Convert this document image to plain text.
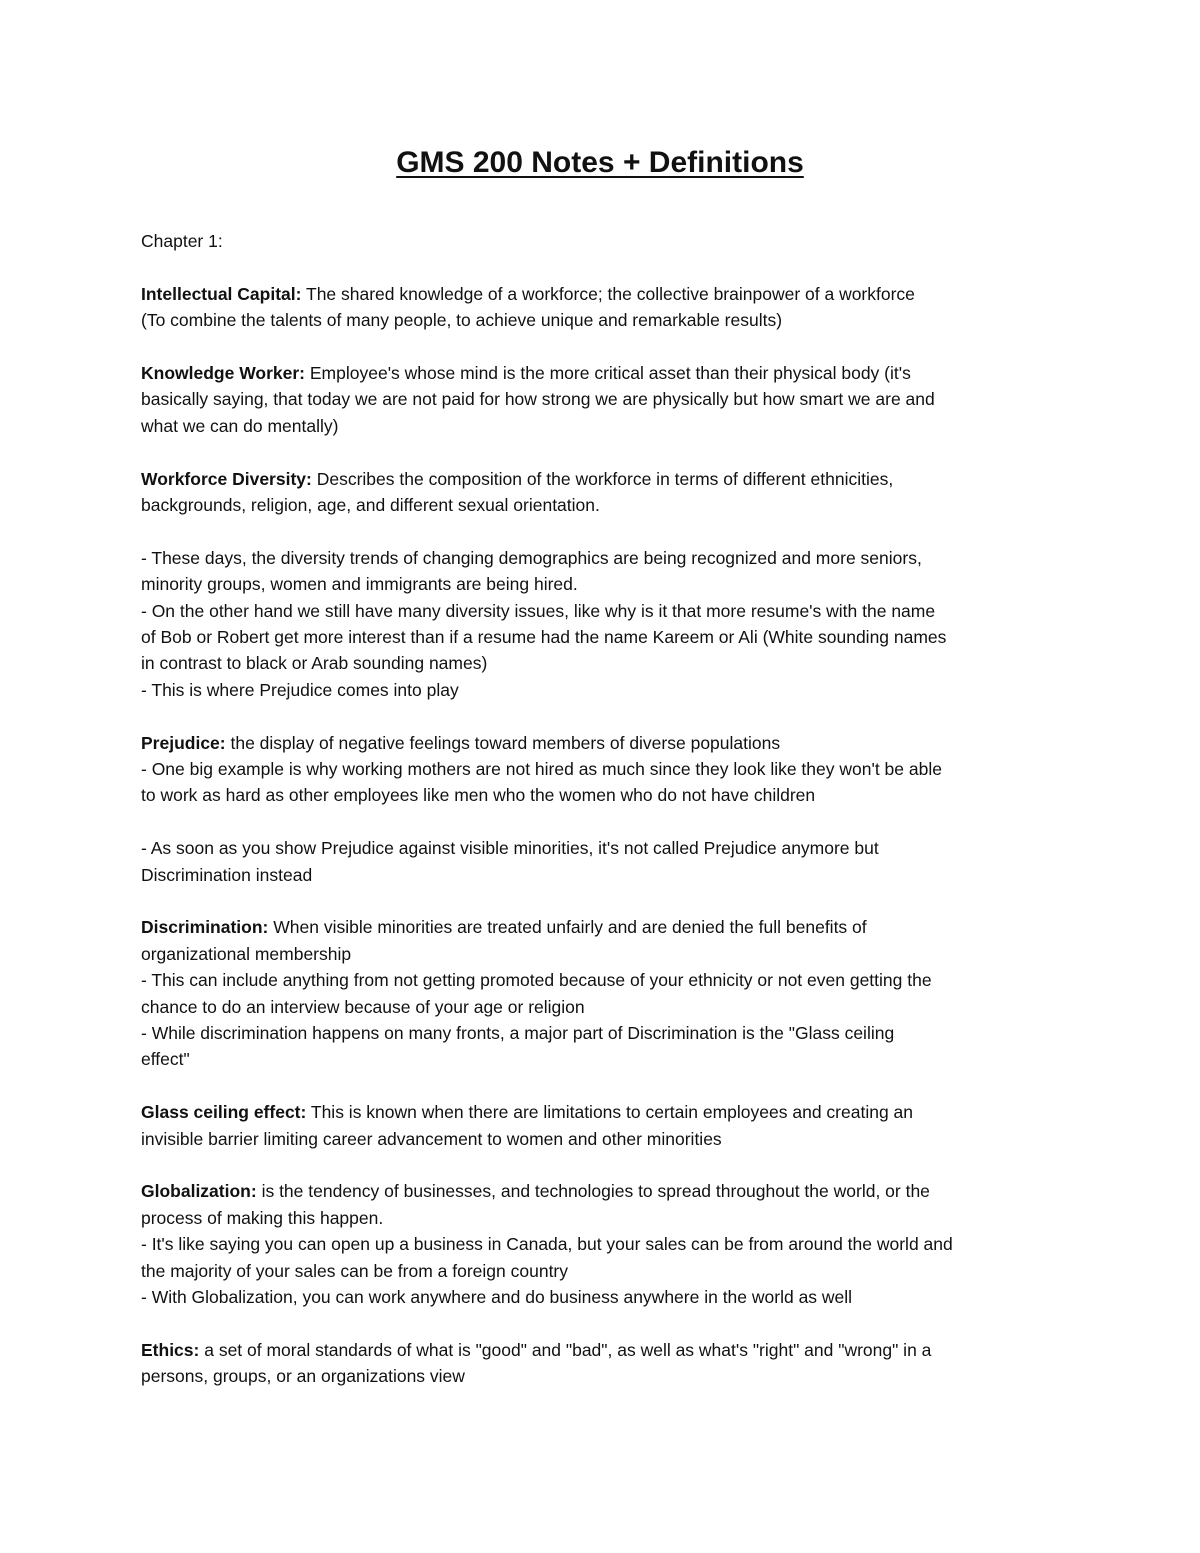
GMS 200 Notes + Definitions
Chapter 1:
Intellectual Capital: The shared knowledge of a workforce; the collective brainpower of a workforce
(To combine the talents of many people, to achieve unique and remarkable results)
Knowledge Worker: Employee's whose mind is the more critical asset than their physical body (it's
basically saying, that today we are not paid for how strong we are physically but how smart we are and
what we can do mentally)
Workforce Diversity: Describes the composition of the workforce in terms of different ethnicities,
backgrounds, religion, age, and different sexual orientation.
- These days, the diversity trends of changing demographics are being recognized and more seniors,
minority groups, women and immigrants are being hired.
- On the other hand we still have many diversity issues, like why is it that more resume's with the name
of Bob or Robert get more interest than if a resume had the name Kareem or Ali (White sounding names
in contrast to black or Arab sounding names)
- This is where Prejudice comes into play
Prejudice: the display of negative feelings toward members of diverse populations
- One big example is why working mothers are not hired as much since they look like they won't be able
to work as hard as other employees like men who the women who do not have children
- As soon as you show Prejudice against visible minorities, it's not called Prejudice anymore but
Discrimination instead
Discrimination: When visible minorities are treated unfairly and are denied the full benefits of
organizational membership
- This can include anything from not getting promoted because of your ethnicity or not even getting the
chance to do an interview because of your age or religion
- While discrimination happens on many fronts, a major part of Discrimination is the "Glass ceiling
effect"
Glass ceiling effect: This is known when there are limitations to certain employees and creating an
invisible barrier limiting career advancement to women and other minorities
Globalization: is the tendency of businesses, and technologies to spread throughout the world, or the
process of making this happen.
- It's like saying you can open up a business in Canada, but your sales can be from around the world and
the majority of your sales can be from a foreign country
- With Globalization, you can work anywhere and do business anywhere in the world as well
Ethics: a set of moral standards of what is "good" and "bad", as well as what's "right" and "wrong" in a
persons, groups, or an organizations view
